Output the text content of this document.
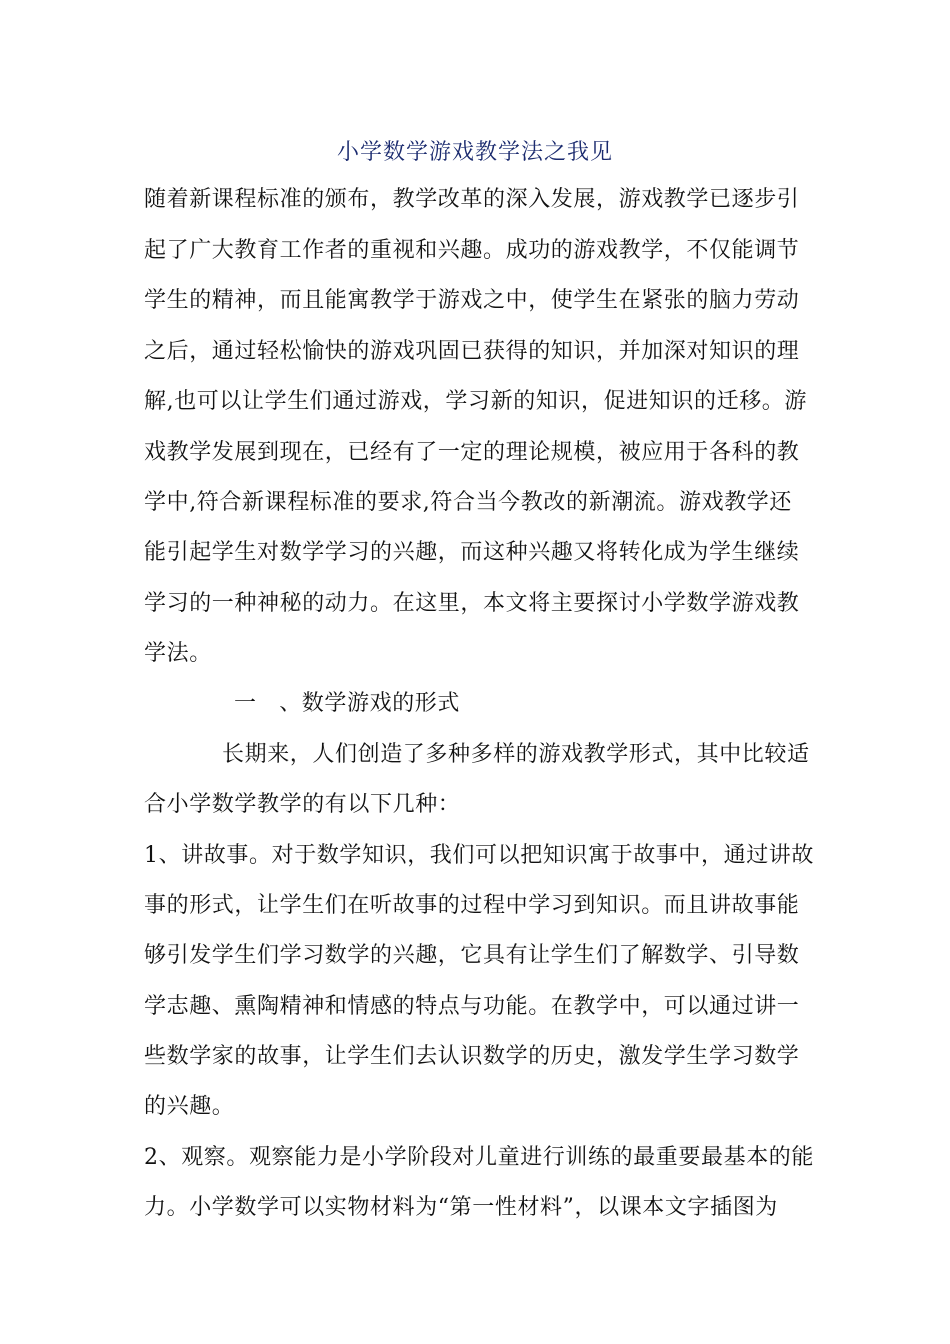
小学数学游戏教学法之我见
随着新课程标准的颁布，教学改革的深入发展，游戏教学已逐步引
起了广大教育工作者的重视和兴趣。成功的游戏教学，不仅能调节
学生的精神，而且能寓教学于游戏之中，使学生在紧张的脑力劳动
之后，通过轻松愉快的游戏巩固已获得的知识，并加深对知识的理
解,也可以让学生们通过游戏，学习新的知识，促进知识的迁移。游
戏教学发展到现在，已经有了一定的理论规模，被应用于各科的教
学中,符合新课程标准的要求,符合当今教改的新潮流。游戏教学还
能引起学生对数学学习的兴趣，而这种兴趣又将转化成为学生继续
学习的一种神秘的动力。在这里，本文将主要探讨小学数学游戏教
学法。
一　、数学游戏的形式
长期来，人们创造了多种多样的游戏教学形式，其中比较适
合小学数学教学的有以下几种：
1、讲故事。对于数学知识，我们可以把知识寓于故事中，通过讲故
事的形式，让学生们在听故事的过程中学习到知识。而且讲故事能
够引发学生们学习数学的兴趣，它具有让学生们了解数学、引导数
学志趣、熏陶精神和情感的特点与功能。在教学中，可以通过讲一
些数学家的故事，让学生们去认识数学的历史，激发学生学习数学
的兴趣。
2、观察。观察能力是小学阶段对儿童进行训练的最重要最基本的能
力。小学数学可以实物材料为“第一性材料”，以课本文字插图为
